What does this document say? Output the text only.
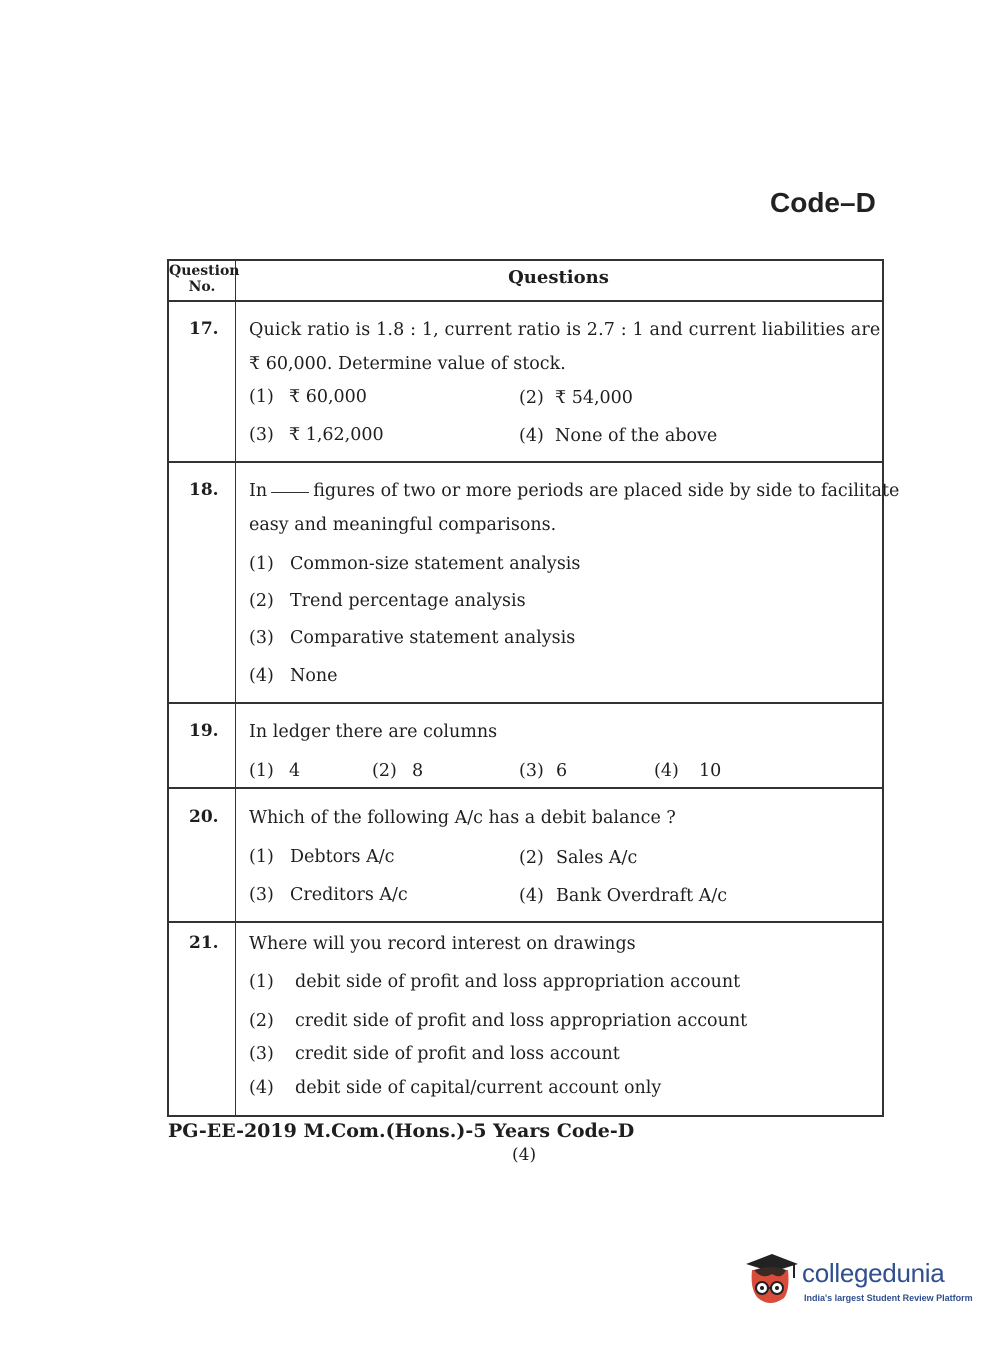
Code–D
Question
No.	Questions
17. Quick ratio is 1.8 : 1, current ratio is 2.7 : 1 and current liabilities are
₹ 60,000. Determine value of stock.
(1) ₹ 60,000	(2) ₹ 54,000
(3) ₹ 1,62,000	(4) None of the above
18. In	figures of two or more periods are placed side by side to facilitate
easy and meaningful comparisons.
(1) Common-size statement analysis
(2) Trend percentage analysis
(3) Comparative statement analysis
(4) None
19. In ledger there are columns
(1) 4	(2) 8	(3) 6	(4) 10
20. Which of the following A/c has a debit balance ?
(1) Debtors A/c	(2) Sales A/c
(3) Creditors A/c	(4) Bank Overdraft A/c
21. Where will you record interest on drawings
(1) debit side of profit and loss appropriation account
(2) credit side of profit and loss appropriation account
(3) credit side of profit and loss account
(4) debit side of capital/current account only
PG-EE-2019 M.Com.(Hons.)-5 Years Code-D
(4)
collegedunia
India's largest Student Review Platform
